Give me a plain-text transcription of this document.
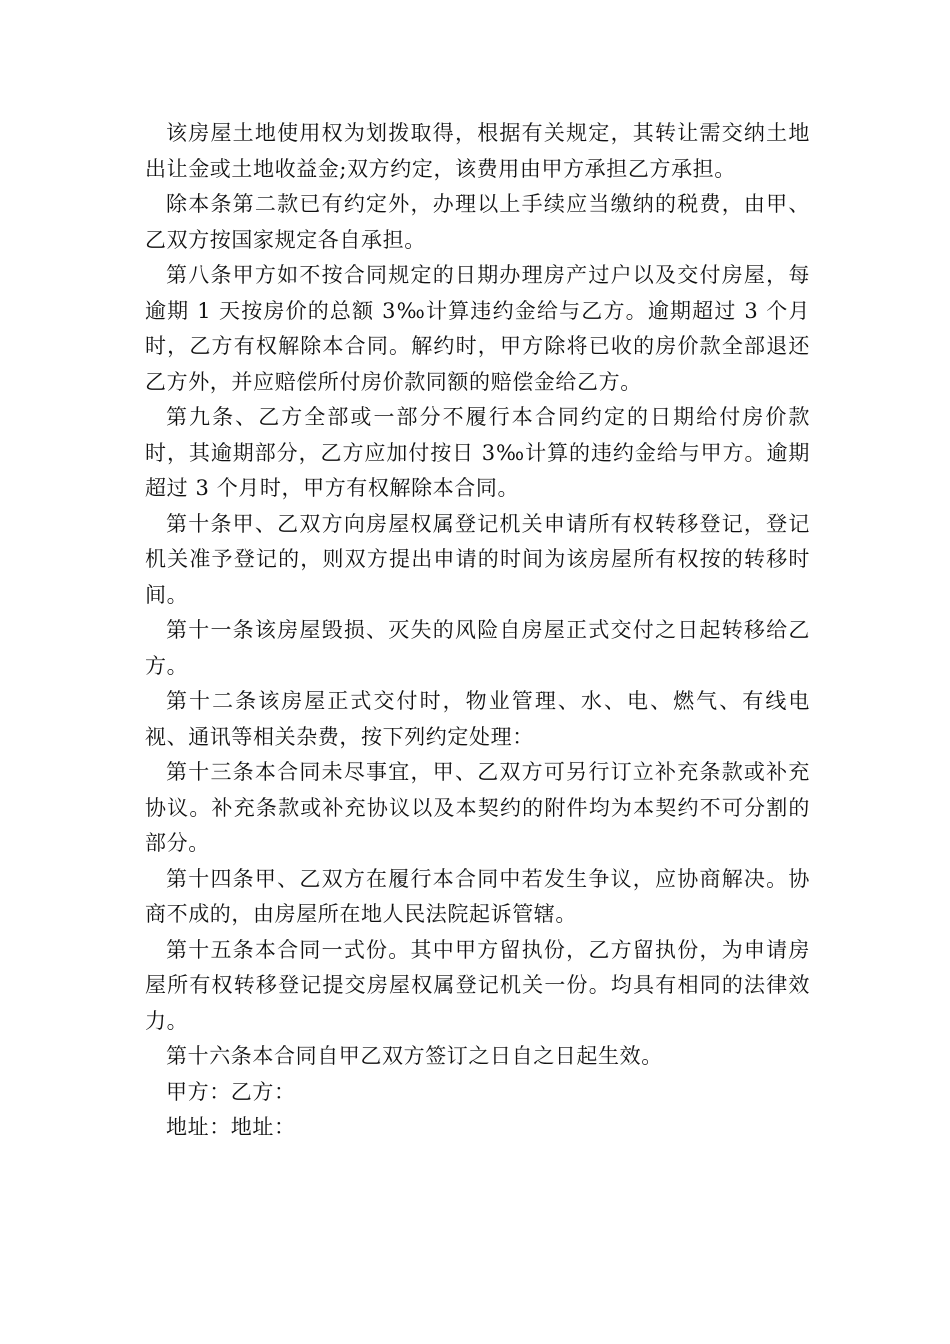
该房屋土地使用权为划拨取得，根据有关规定，其转让需交纳土地出让金或土地收益金;双方约定，该费用由甲方承担乙方承担。

除本条第二款已有约定外，办理以上手续应当缴纳的税费，由甲、乙双方按国家规定各自承担。

第八条甲方如不按合同规定的日期办理房产过户以及交付房屋，每逾期 1 天按房价的总额 3‰计算违约金给与乙方。逾期超过 3 个月时，乙方有权解除本合同。解约时，甲方除将已收的房价款全部退还乙方外，并应赔偿所付房价款同额的赔偿金给乙方。

第九条、乙方全部或一部分不履行本合同约定的日期给付房价款时，其逾期部分，乙方应加付按日 3‰计算的违约金给与甲方。逾期超过 3 个月时，甲方有权解除本合同。

第十条甲、乙双方向房屋权属登记机关申请所有权转移登记，登记机关准予登记的，则双方提出申请的时间为该房屋所有权按的转移时间。

第十一条该房屋毁损、灭失的风险自房屋正式交付之日起转移给乙方。

第十二条该房屋正式交付时，物业管理、水、电、燃气、有线电视、通讯等相关杂费，按下列约定处理：

第十三条本合同未尽事宜，甲、乙双方可另行订立补充条款或补充协议。补充条款或补充协议以及本契约的附件均为本契约不可分割的部分。

第十四条甲、乙双方在履行本合同中若发生争议，应协商解决。协商不成的，由房屋所在地人民法院起诉管辖。

第十五条本合同一式份。其中甲方留执份，乙方留执份，为申请房屋所有权转移登记提交房屋权属登记机关一份。均具有相同的法律效力。

第十六条本合同自甲乙双方签订之日自之日起生效。

甲方：乙方：

地址：地址：
